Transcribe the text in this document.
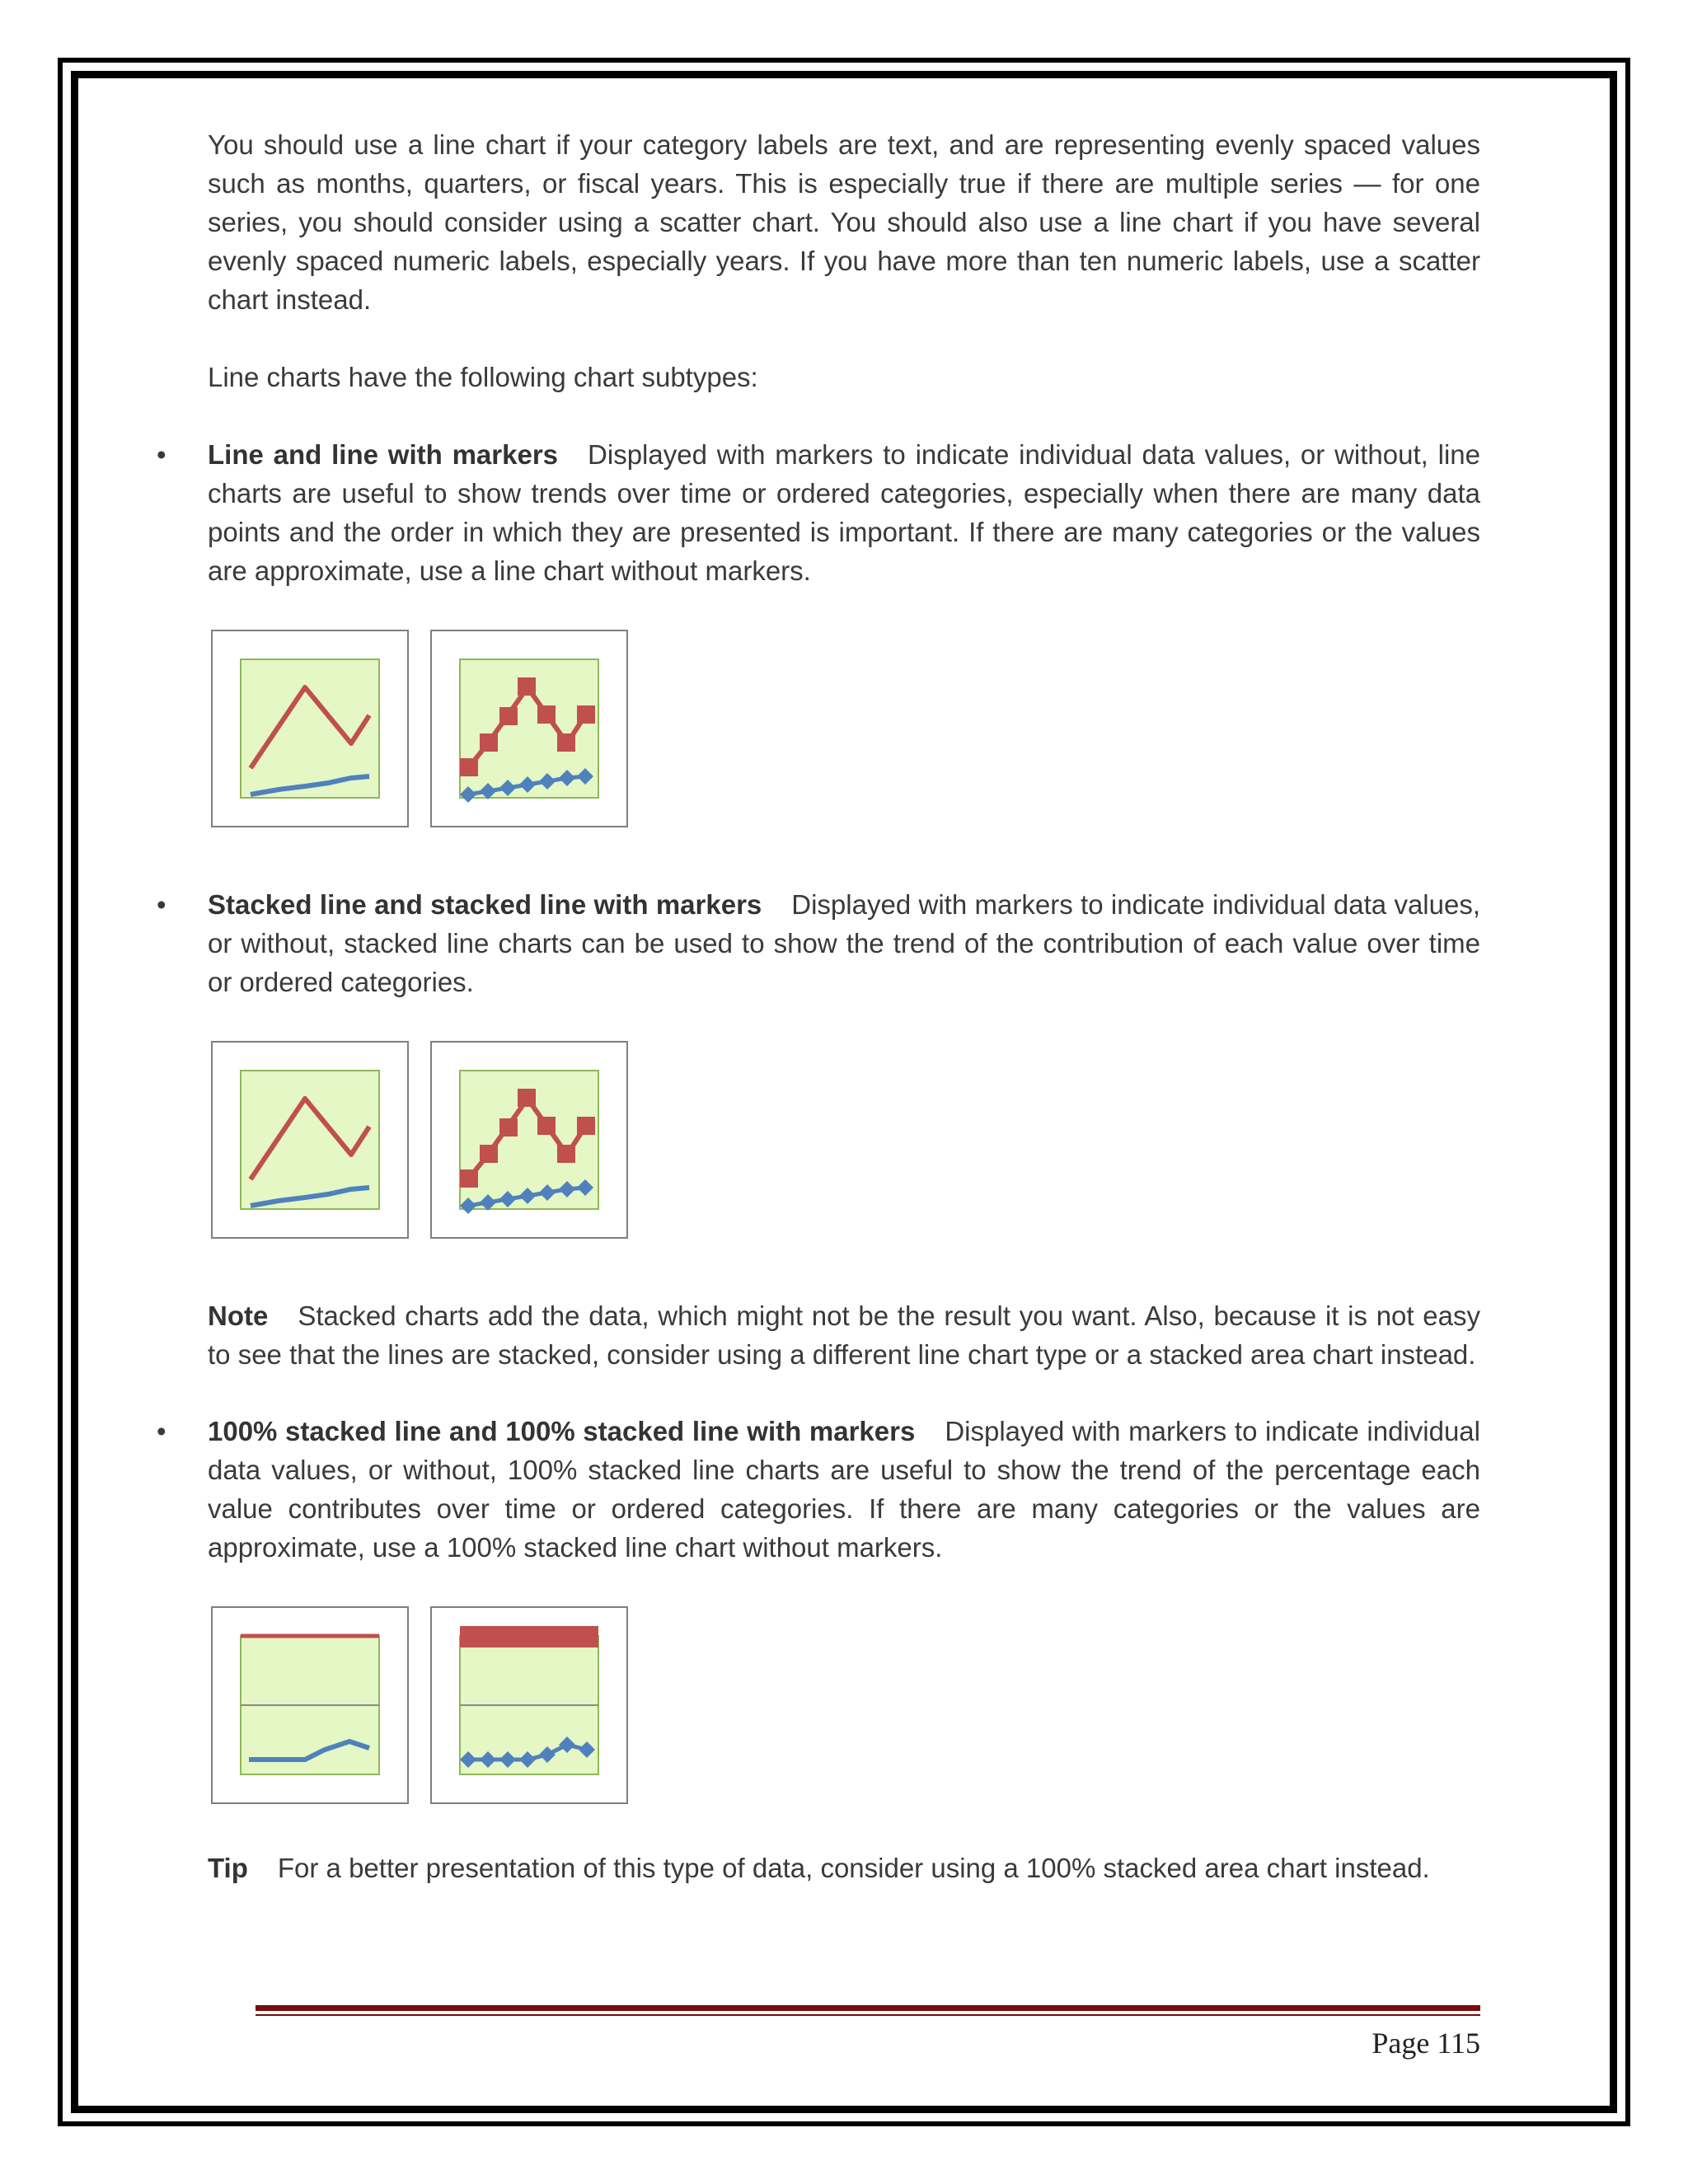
You should use a line chart if your category labels are text, and are representing evenly spaced values such as months, quarters, or fiscal years. This is especially true if there are multiple series — for one series, you should consider using a scatter chart. You should also use a line chart if you have several evenly spaced numeric labels, especially years. If you have more than ten numeric labels, use a scatter chart instead.

Line charts have the following chart subtypes:

• Line and line with markers Displayed with markers to indicate individual data values, or without, line charts are useful to show trends over time or ordered categories, especially when there are many data points and the order in which they are presented is important. If there are many categories or the values are approximate, use a line chart without markers.

• Stacked line and stacked line with markers Displayed with markers to indicate individual data values, or without, stacked line charts can be used to show the trend of the contribution of each value over time or ordered categories.

Note Stacked charts add the data, which might not be the result you want. Also, because it is not easy to see that the lines are stacked, consider using a different line chart type or a stacked area chart instead.

• 100% stacked line and 100% stacked line with markers Displayed with markers to indicate individual data values, or without, 100% stacked line charts are useful to show the trend of the percentage each value contributes over time or ordered categories. If there are many categories or the values are approximate, use a 100% stacked line chart without markers.

Tip For a better presentation of this type of data, consider using a 100% stacked area chart instead.

Page 115
